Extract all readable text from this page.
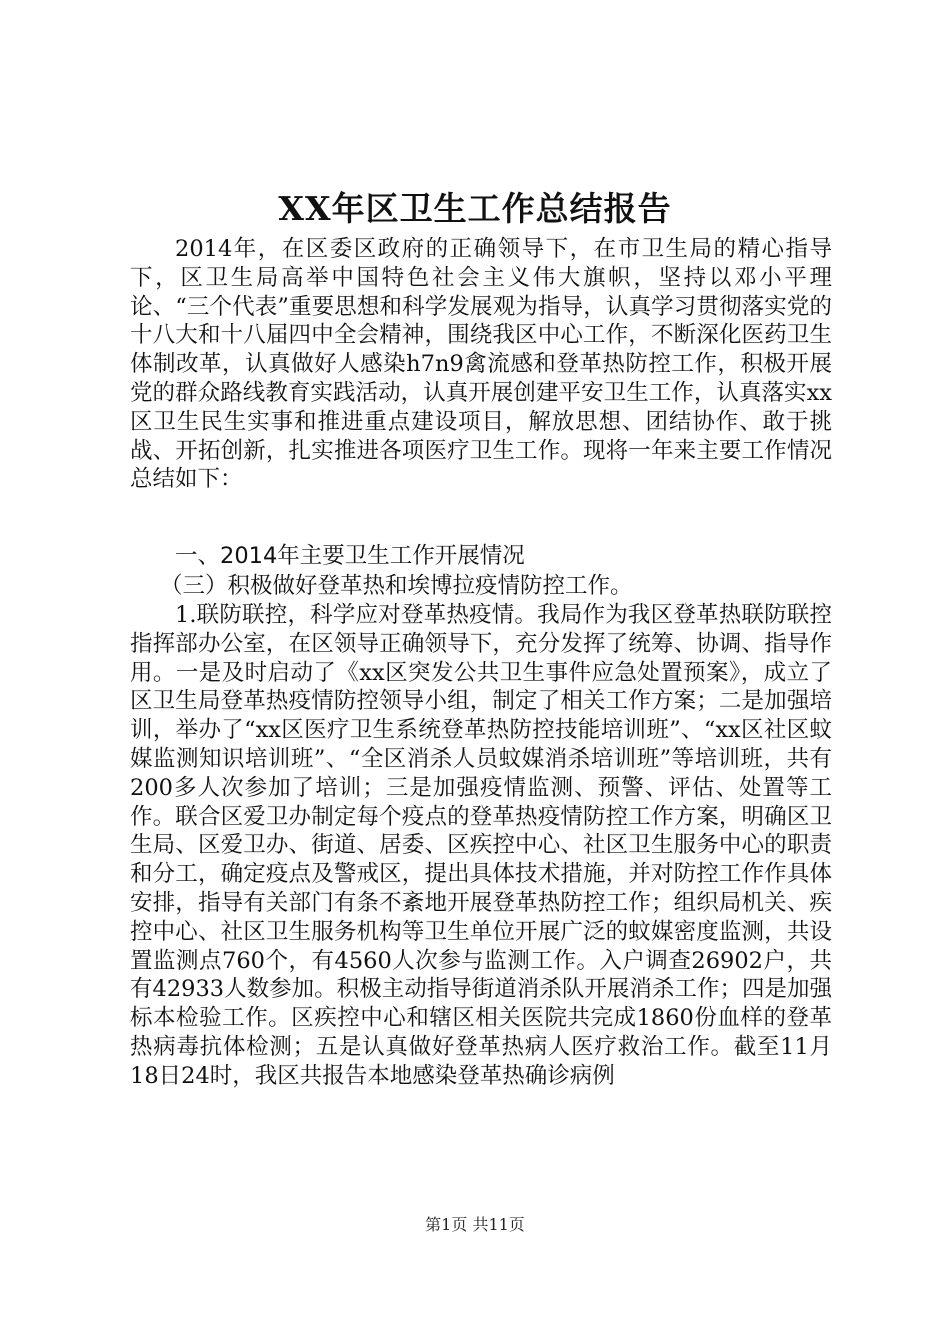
XX年区卫生工作总结报告

2014年，在区委区政府的正确领导下，在市卫生局的精心指导下，区卫生局高举中国特色社会主义伟大旗帜，坚持以邓小平理论、“三个代表”重要思想和科学发展观为指导，认真学习贯彻落实党的十八大和十八届四中全会精神，围绕我区中心工作，不断深化医药卫生体制改革，认真做好人感染h7n9禽流感和登革热防控工作，积极开展党的群众路线教育实践活动，认真开展创建平安卫生工作，认真落实xx区卫生民生实事和推进重点建设项目，解放思想、团结协作、敢于挑战、开拓创新，扎实推进各项医疗卫生工作。现将一年来主要工作情况总结如下：

一、2014年主要卫生工作开展情况
（三）积极做好登革热和埃博拉疫情防控工作。

1.联防联控，科学应对登革热疫情。我局作为我区登革热联防联控指挥部办公室，在区领导正确领导下，充分发挥了统筹、协调、指导作用。一是及时启动了《xx区突发公共卫生事件应急处置预案》，成立了区卫生局登革热疫情防控领导小组，制定了相关工作方案；二是加强培训，举办了“xx区医疗卫生系统登革热防控技能培训班”、“xx区社区蚊媒监测知识培训班”、“全区消杀人员蚊媒消杀培训班”等培训班，共有200多人次参加了培训；三是加强疫情监测、预警、评估、处置等工作。联合区爱卫办制定每个疫点的登革热疫情防控工作方案，明确区卫生局、区爱卫办、街道、居委、区疾控中心、社区卫生服务中心的职责和分工，确定疫点及警戒区，提出具体技术措施，并对防控工作作具体安排，指导有关部门有条不紊地开展登革热防控工作；组织局机关、疾控中心、社区卫生服务机构等卫生单位开展广泛的蚊媒密度监测，共设置监测点760个，有4560人次参与监测工作。入户调查26902户，共有42933人数参加。积极主动指导街道消杀队开展消杀工作；四是加强标本检验工作。区疾控中心和辖区相关医院共完成1860份血样的登革热病毒抗体检测；五是认真做好登革热病人医疗救治工作。截至11月18日24时，我区共报告本地感染登革热确诊病例

第1页 共11页
